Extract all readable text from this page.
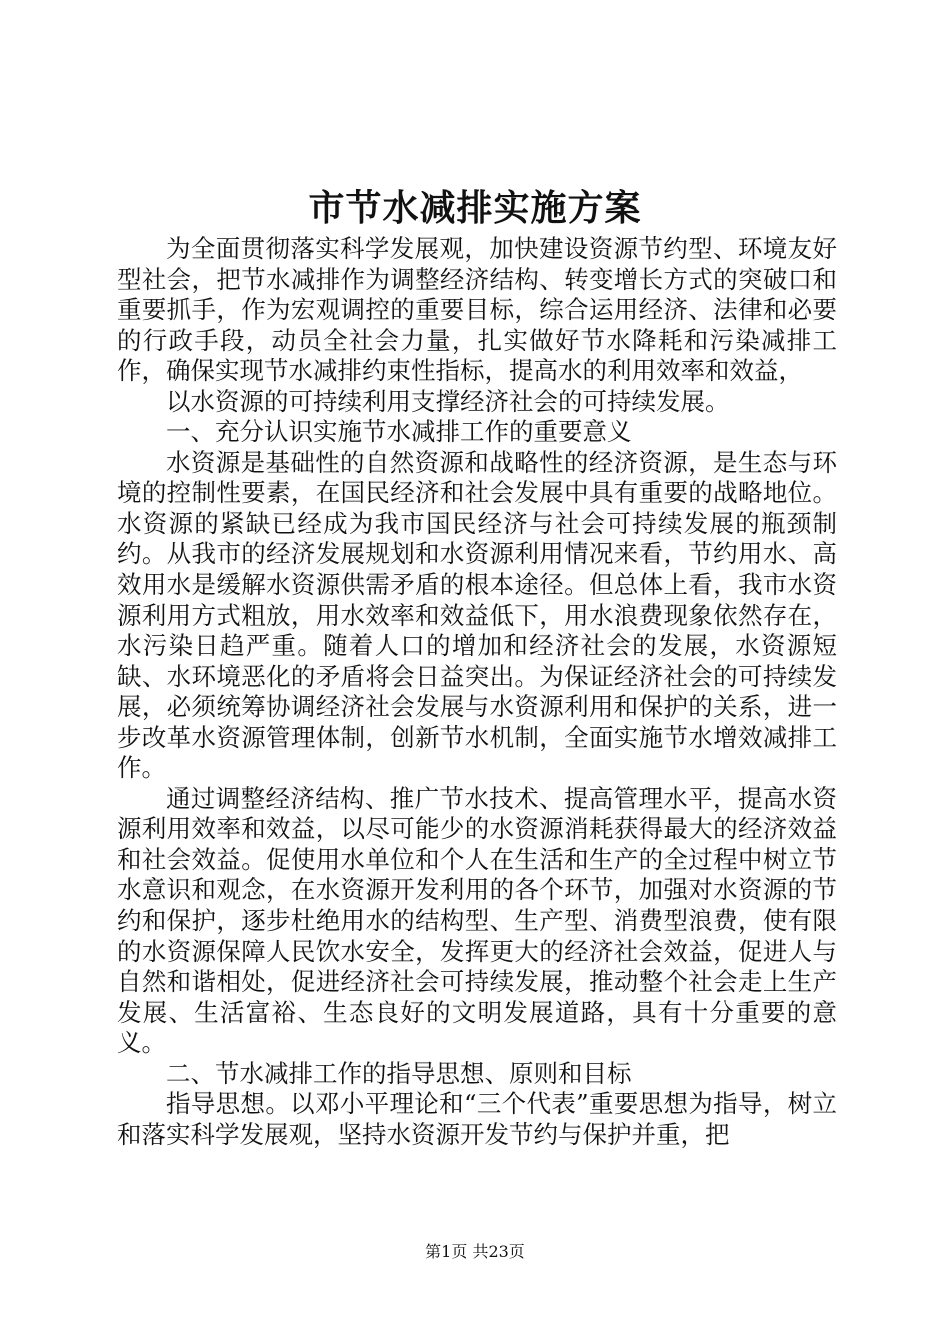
市节水减排实施方案

为全面贯彻落实科学发展观，加快建设资源节约型、环境友好型社会，把节水减排作为调整经济结构、转变增长方式的突破口和重要抓手，作为宏观调控的重要目标，综合运用经济、法律和必要的行政手段，动员全社会力量，扎实做好节水降耗和污染减排工作，确保实现节水减排约束性指标，提高水的利用效率和效益，

以水资源的可持续利用支撑经济社会的可持续发展。

一、充分认识实施节水减排工作的重要意义

水资源是基础性的自然资源和战略性的经济资源，是生态与环境的控制性要素，在国民经济和社会发展中具有重要的战略地位。水资源的紧缺已经成为我市国民经济与社会可持续发展的瓶颈制约。从我市的经济发展规划和水资源利用情况来看，节约用水、高效用水是缓解水资源供需矛盾的根本途径。但总体上看，我市水资源利用方式粗放，用水效率和效益低下，用水浪费现象依然存在，水污染日趋严重。随着人口的增加和经济社会的发展，水资源短缺、水环境恶化的矛盾将会日益突出。为保证经济社会的可持续发展，必须统筹协调经济社会发展与水资源利用和保护的关系，进一步改革水资源管理体制，创新节水机制，全面实施节水增效减排工作。

通过调整经济结构、推广节水技术、提高管理水平，提高水资源利用效率和效益，以尽可能少的水资源消耗获得最大的经济效益和社会效益。促使用水单位和个人在生活和生产的全过程中树立节水意识和观念，在水资源开发利用的各个环节，加强对水资源的节约和保护，逐步杜绝用水的结构型、生产型、消费型浪费，使有限的水资源保障人民饮水安全，发挥更大的经济社会效益，促进人与自然和谐相处，促进经济社会可持续发展，推动整个社会走上生产发展、生活富裕、生态良好的文明发展道路，具有十分重要的意义。

二、节水减排工作的指导思想、原则和目标

指导思想。以邓小平理论和“三个代表”重要思想为指导，树立和落实科学发展观，坚持水资源开发节约与保护并重，把

第1页 共23页
